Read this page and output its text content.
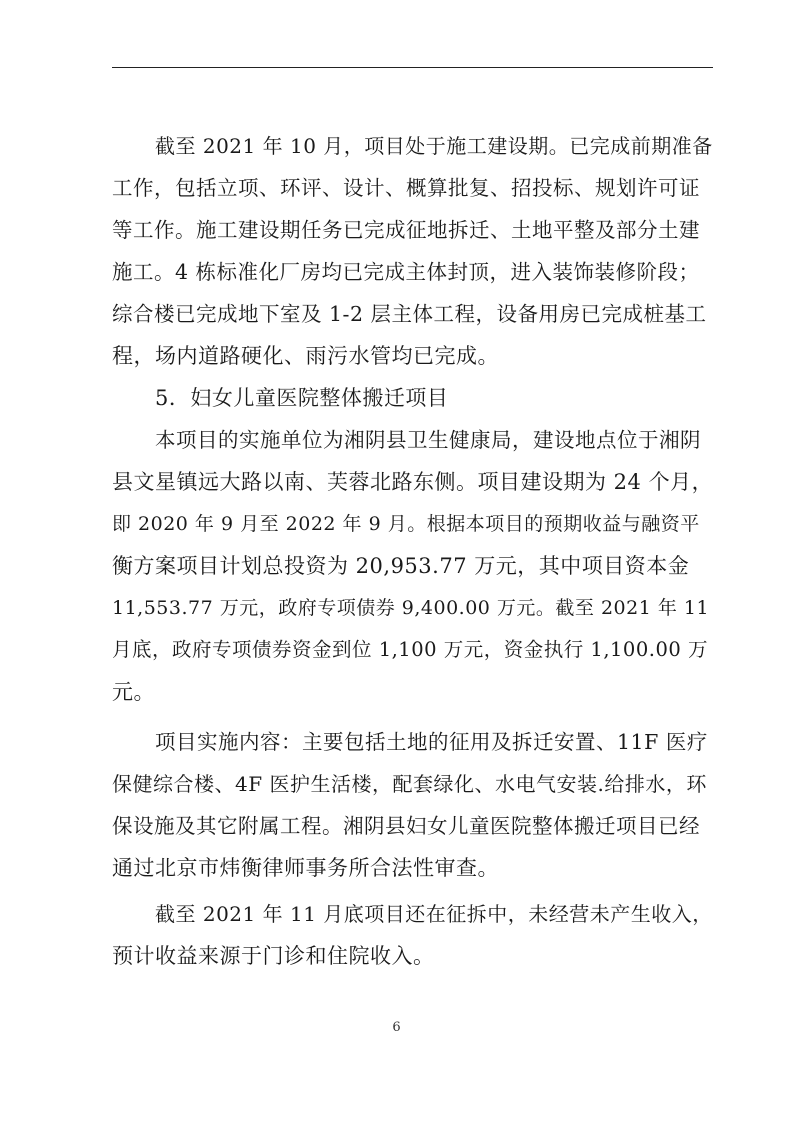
截至 2021 年 10 月，项目处于施工建设期。已完成前期准备
工作，包括立项、环评、设计、概算批复、招投标、规划许可证
等工作。施工建设期任务已完成征地拆迁、土地平整及部分土建
施工。4 栋标准化厂房均已完成主体封顶，进入装饰装修阶段；
综合楼已完成地下室及 1-2 层主体工程，设备用房已完成桩基工
程，场内道路硬化、雨污水管均已完成。
5．妇女儿童医院整体搬迁项目
本项目的实施单位为湘阴县卫生健康局，建设地点位于湘阴
县文星镇远大路以南、芙蓉北路东侧。项目建设期为 24 个月，
即 2020 年 9 月至 2022 年 9 月。根据本项目的预期收益与融资平
衡方案项目计划总投资为 20,953.77 万元，其中项目资本金
11,553.77 万元，政府专项债券 9,400.00 万元。截至 2021 年 11
月底，政府专项债券资金到位 1,100 万元，资金执行 1,100.00 万
元。
项目实施内容：主要包括土地的征用及拆迁安置、11F 医疗
保健综合楼、4F 医护生活楼，配套绿化、水电气安装.给排水，环
保设施及其它附属工程。湘阴县妇女儿童医院整体搬迁项目已经
通过北京市炜衡律师事务所合法性审查。
截至 2021 年 11 月底项目还在征拆中，未经营未产生收入，
预计收益来源于门诊和住院收入。
6
